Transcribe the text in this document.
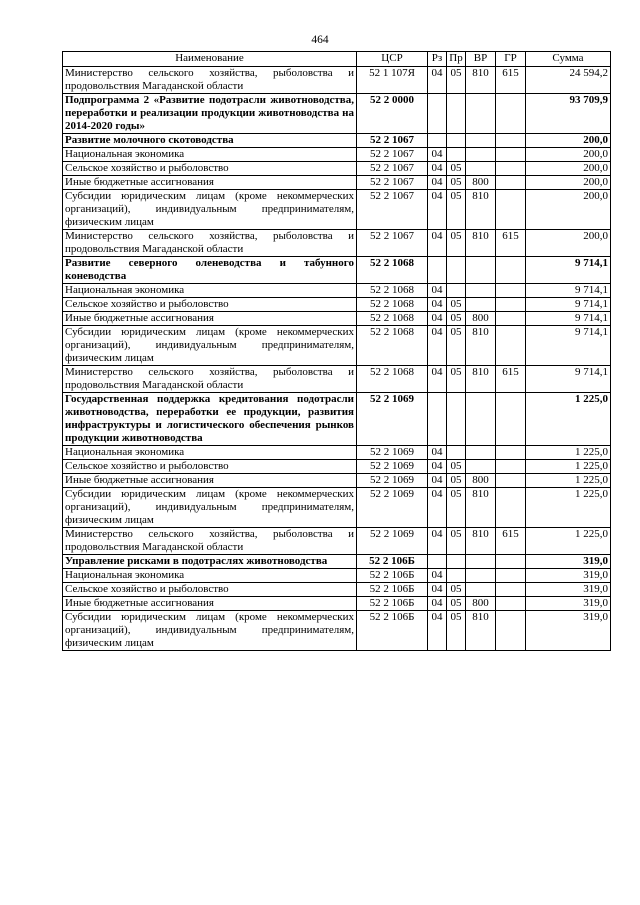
464
Наименование	ЦСР	Рз	Пр	ВР	ГР	Сумма
Министерство сельского хозяйства, рыболовства и продовольствия Магаданской области	52 1 107Я	04	05	810	615	24 594,2
Подпрограмма 2 «Развитие подотрасли животноводства, переработки и реализации продукции животноводства на 2014-2020 годы»	52 2 0000					93 709,9
Развитие молочного скотоводства	52 2 1067					200,0
Национальная экономика	52 2 1067	04				200,0
Сельское хозяйство и рыболовство	52 2 1067	04	05			200,0
Иные бюджетные ассигнования	52 2 1067	04	05	800		200,0
Субсидии юридическим лицам (кроме некоммерческих организаций), индивидуальным предпринимателям, физическим лицам	52 2 1067	04	05	810		200,0
Министерство сельского хозяйства, рыболовства и продовольствия Магаданской области	52 2 1067	04	05	810	615	200,0
Развитие северного оленеводства и табунного коневодства	52 2 1068					9 714,1
Национальная экономика	52 2 1068	04				9 714,1
Сельское хозяйство и рыболовство	52 2 1068	04	05			9 714,1
Иные бюджетные ассигнования	52 2 1068	04	05	800		9 714,1
Субсидии юридическим лицам (кроме некоммерческих организаций), индивидуальным предпринимателям, физическим лицам	52 2 1068	04	05	810		9 714,1
Министерство сельского хозяйства, рыболовства и продовольствия Магаданской области	52 2 1068	04	05	810	615	9 714,1
Государственная поддержка кредитования подотрасли животноводства, переработки ее продукции, развития инфраструктуры и логистического обеспечения рынков продукции животноводства	52 2 1069					1 225,0
Национальная экономика	52 2 1069	04				1 225,0
Сельское хозяйство и рыболовство	52 2 1069	04	05			1 225,0
Иные бюджетные ассигнования	52 2 1069	04	05	800		1 225,0
Субсидии юридическим лицам (кроме некоммерческих организаций), индивидуальным предпринимателям, физическим лицам	52 2 1069	04	05	810		1 225,0
Министерство сельского хозяйства, рыболовства и продовольствия Магаданской области	52 2 1069	04	05	810	615	1 225,0
Управление рисками в подотраслях животноводства	52 2 106Б					319,0
Национальная экономика	52 2 106Б	04				319,0
Сельское хозяйство и рыболовство	52 2 106Б	04	05			319,0
Иные бюджетные ассигнования	52 2 106Б	04	05	800		319,0
Субсидии юридическим лицам (кроме некоммерческих организаций), индивидуальным предпринимателям, физическим лицам	52 2 106Б	04	05	810		319,0
